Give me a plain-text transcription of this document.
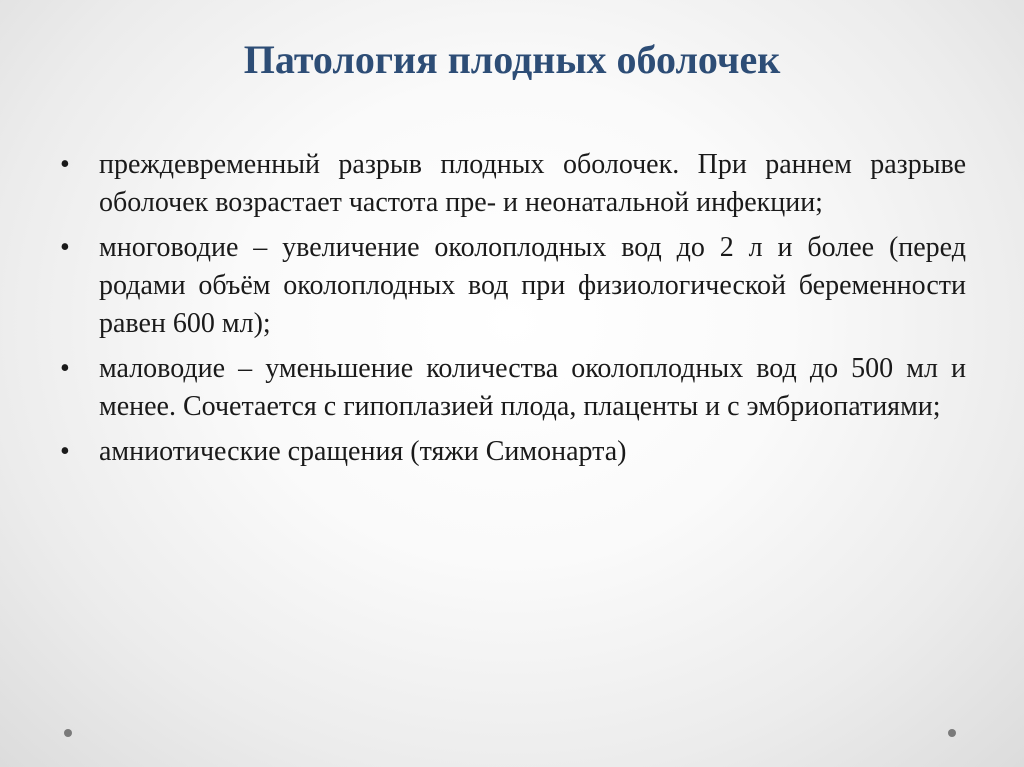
Патология плодных оболочек
• преждевременный разрыв плодных оболочек. При раннем разрыве оболочек возрастает частота пре- и неонатальной инфекции;
• многоводие – увеличение околоплодных вод до 2 л и более (перед родами объём околоплодных вод при физиологической беременности равен 600 мл);
• маловодие – уменьшение количества околоплодных вод до 500 мл и менее. Сочетается с гипоплазией плода, плаценты и с эмбриопатиями;
• амниотические сращения (тяжи Симонарта)
